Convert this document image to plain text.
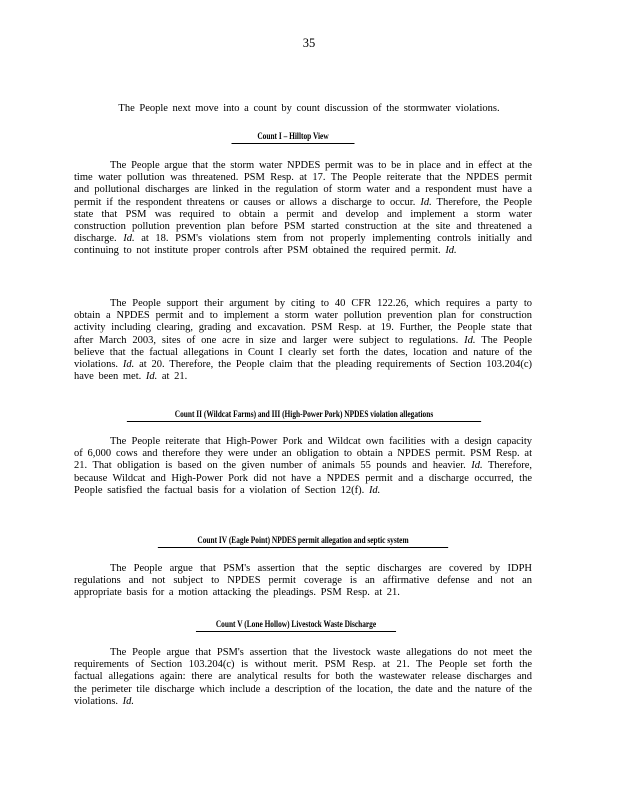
35
The People next move into a count by count discussion of the stormwater violations.
Count I – Hilltop View

The People argue that the storm water NPDES permit was to be in place and in effect at the time water pollution was threatened. PSM Resp. at 17. The People reiterate that the NPDES permit and pollutional discharges are linked in the regulation of storm water and a respondent must have a permit if the respondent threatens or causes or allows a discharge to occur. Id. Therefore, the People state that PSM was required to obtain a permit and develop and implement a storm water construction pollution prevention plan before PSM started construction at the site and threatened a discharge. Id. at 18. PSM's violations stem from not properly implementing controls initially and continuing to not institute proper controls after PSM obtained the required permit. Id.

The People support their argument by citing to 40 CFR 122.26, which requires a party to obtain a NPDES permit and to implement a storm water pollution prevention plan for construction activity including clearing, grading and excavation. PSM Resp. at 19. Further, the People state that after March 2003, sites of one acre in size and larger were subject to regulations. Id. The People believe that the factual allegations in Count I clearly set forth the dates, location and nature of the violations. Id. at 20. Therefore, the People claim that the pleading requirements of Section 103.204(c) have been met. Id. at 21.

Count II (Wildcat Farms) and III (High-Power Pork) NPDES violation allegations

The People reiterate that High-Power Pork and Wildcat own facilities with a design capacity of 6,000 cows and therefore they were under an obligation to obtain a NPDES permit. PSM Resp. at 21. That obligation is based on the given number of animals 55 pounds and heavier. Id. Therefore, because Wildcat and High-Power Pork did not have a NPDES permit and a discharge occurred, the People satisfied the factual basis for a violation of Section 12(f). Id.

Count IV (Eagle Point) NPDES permit allegation and septic system

The People argue that PSM's assertion that the septic discharges are covered by IDPH regulations and not subject to NPDES permit coverage is an affirmative defense and not an appropriate basis for a motion attacking the pleadings. PSM Resp. at 21.

Count V (Lone Hollow) Livestock Waste Discharge

The People argue that PSM's assertion that the livestock waste allegations do not meet the requirements of Section 103.204(c) is without merit. PSM Resp. at 21. The People set forth the factual allegations again: there are analytical results for both the wastewater release discharges and the perimeter tile discharge which include a description of the location, the date and the nature of the violations. Id.
